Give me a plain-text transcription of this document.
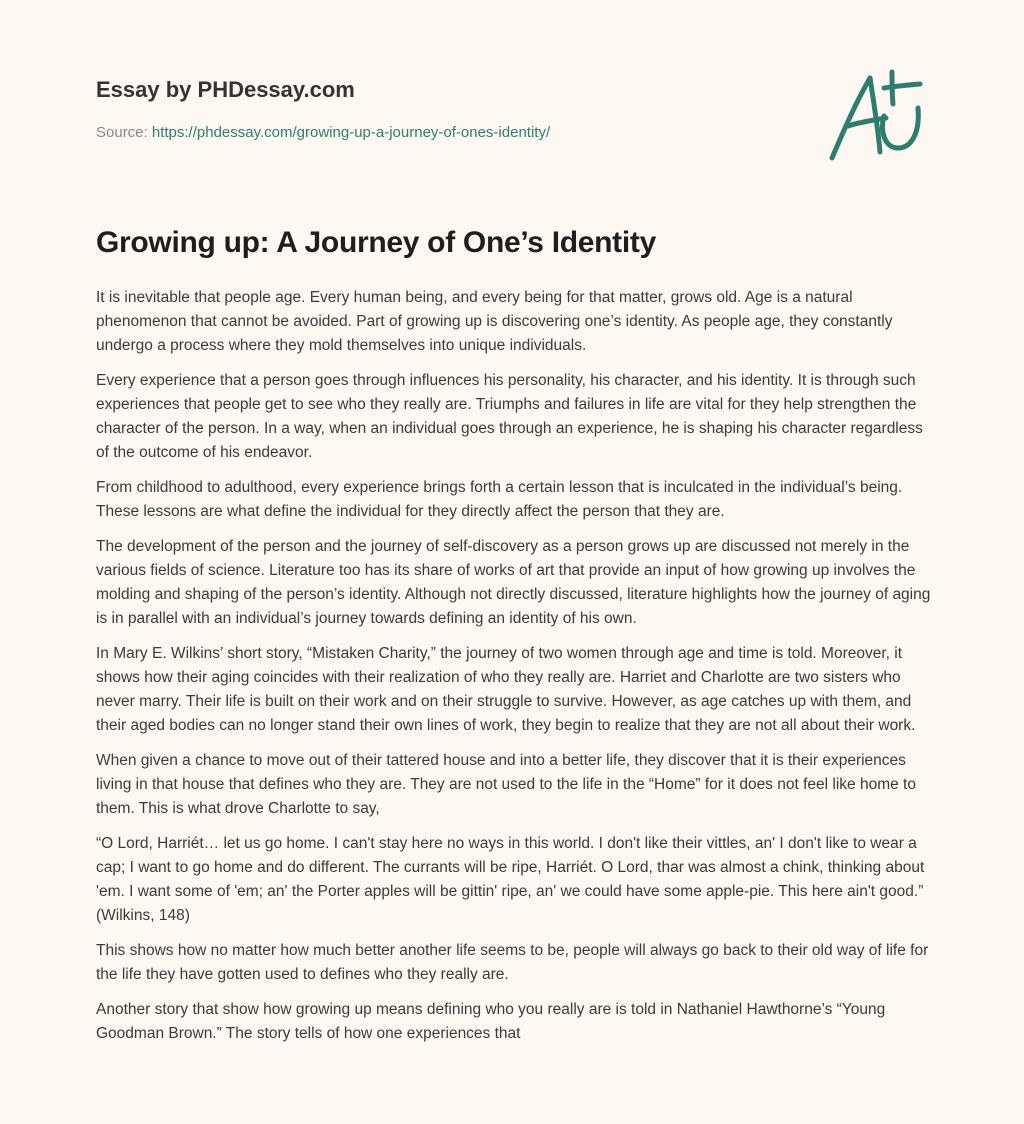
Essay by PHDessay.com
Source: https://phdessay.com/growing-up-a-journey-of-ones-identity/
Growing up: A Journey of One’s Identity

It is inevitable that people age. Every human being, and every being for that matter, grows old. Age is a natural phenomenon that cannot be avoided. Part of growing up is discovering one’s identity. As people age, they constantly undergo a process where they mold themselves into unique individuals.

Every experience that a person goes through influences his personality, his character, and his identity. It is through such experiences that people get to see who they really are. Triumphs and failures in life are vital for they help strengthen the character of the person. In a way, when an individual goes through an experience, he is shaping his character regardless of the outcome of his endeavor.

From childhood to adulthood, every experience brings forth a certain lesson that is inculcated in the individual’s being. These lessons are what define the individual for they directly affect the person that they are.

The development of the person and the journey of self-discovery as a person grows up are discussed not merely in the various fields of science. Literature too has its share of works of art that provide an input of how growing up involves the molding and shaping of the person’s identity. Although not directly discussed, literature highlights how the journey of aging is in parallel with an individual’s journey towards defining an identity of his own.

In Mary E. Wilkins’ short story, “Mistaken Charity,” the journey of two women through age and time is told. Moreover, it shows how their aging coincides with their realization of who they really are. Harriet and Charlotte are two sisters who never marry. Their life is built on their work and on their struggle to survive. However, as age catches up with them, and their aged bodies can no longer stand their own lines of work, they begin to realize that they are not all about their work.

When given a chance to move out of their tattered house and into a better life, they discover that it is their experiences living in that house that defines who they are. They are not used to the life in the “Home” for it does not feel like home to them. This is what drove Charlotte to say,

“O Lord, Harriét… let us go home. I can't stay here no ways in this world. I don't like their vittles, an' I don't like to wear a cap; I want to go home and do different. The currants will be ripe, Harriét. O Lord, thar was almost a chink, thinking about 'em. I want some of 'em; an' the Porter apples will be gittin' ripe, an' we could have some apple-pie. This here ain't good.” (Wilkins, 148)

This shows how no matter how much better another life seems to be, people will always go back to their old way of life for the life they have gotten used to defines who they really are.

Another story that show how growing up means defining who you really are is told in Nathaniel Hawthorne’s “Young Goodman Brown.” The story tells of how one experiences that
